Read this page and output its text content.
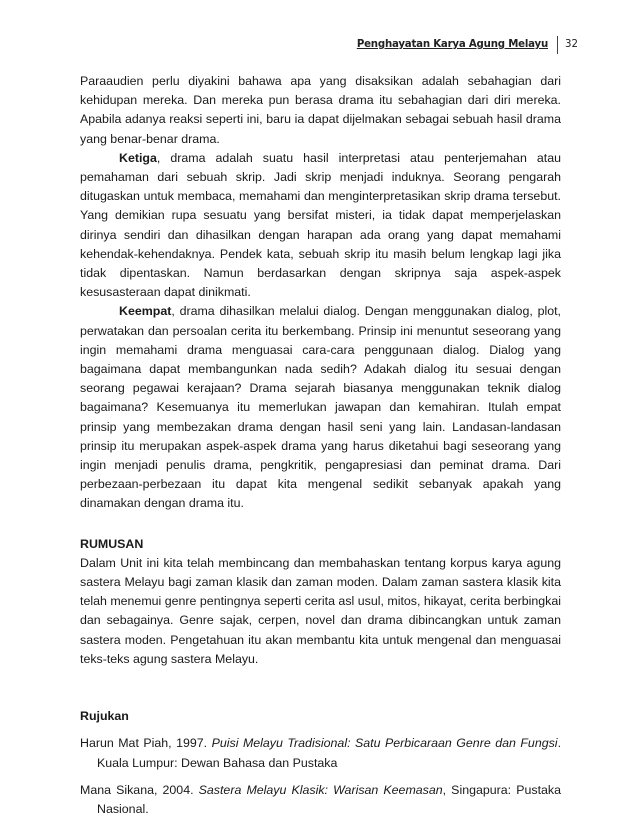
Penghayatan Karya Agung Melayu 32

Paraaudien perlu diyakini bahawa apa yang disaksikan adalah sebahagian dari kehidupan mereka. Dan mereka pun berasa drama itu sebahagian dari diri mereka. Apabila adanya reaksi seperti ini, baru ia dapat dijelmakan sebagai sebuah hasil drama yang benar-benar drama.

Ketiga, drama adalah suatu hasil interpretasi atau penterjemahan atau pemahaman dari sebuah skrip. Jadi skrip menjadi induknya. Seorang pengarah ditugaskan untuk membaca, memahami dan menginterpretasikan skrip drama tersebut. Yang demikian rupa sesuatu yang bersifat misteri, ia tidak dapat memperjelaskan dirinya sendiri dan dihasilkan dengan harapan ada orang yang dapat memahami kehendak-kehendaknya. Pendek kata, sebuah skrip itu masih belum lengkap lagi jika tidak dipentaskan. Namun berdasarkan dengan skripnya saja aspek-aspek kesusasteraan dapat dinikmati.

Keempat, drama dihasilkan melalui dialog. Dengan menggunakan dialog, plot, perwatakan dan persoalan cerita itu berkembang. Prinsip ini menuntut seseorang yang ingin memahami drama menguasai cara-cara penggunaan dialog. Dialog yang bagaimana dapat membangunkan nada sedih? Adakah dialog itu sesuai dengan seorang pegawai kerajaan? Drama sejarah biasanya menggunakan teknik dialog bagaimana? Kesemuanya itu memerlukan jawapan dan kemahiran. Itulah empat prinsip yang membezakan drama dengan hasil seni yang lain. Landasan-landasan prinsip itu merupakan aspek-aspek drama yang harus diketahui bagi seseorang yang ingin menjadi penulis drama, pengkritik, pengapresiasi dan peminat drama. Dari perbezaan-perbezaan itu dapat kita mengenal sedikit sebanyak apakah yang dinamakan dengan drama itu.

RUMUSAN

Dalam Unit ini kita telah membincang dan membahaskan tentang korpus karya agung sastera Melayu bagi zaman klasik dan zaman moden. Dalam zaman sastera klasik kita telah menemui genre pentingnya seperti cerita asl usul, mitos, hikayat, cerita berbingkai dan sebagainya. Genre sajak, cerpen, novel dan drama dibincangkan untuk zaman sastera moden. Pengetahuan itu akan membantu kita untuk mengenal dan menguasai teks-teks agung sastera Melayu.

Rujukan

Harun Mat Piah, 1997. Puisi Melayu Tradisional: Satu Perbicaraan Genre dan Fungsi. Kuala Lumpur: Dewan Bahasa dan Pustaka

Mana Sikana, 2004. Sastera Melayu Klasik: Warisan Keemasan, Singapura: Pustaka Nasional.
